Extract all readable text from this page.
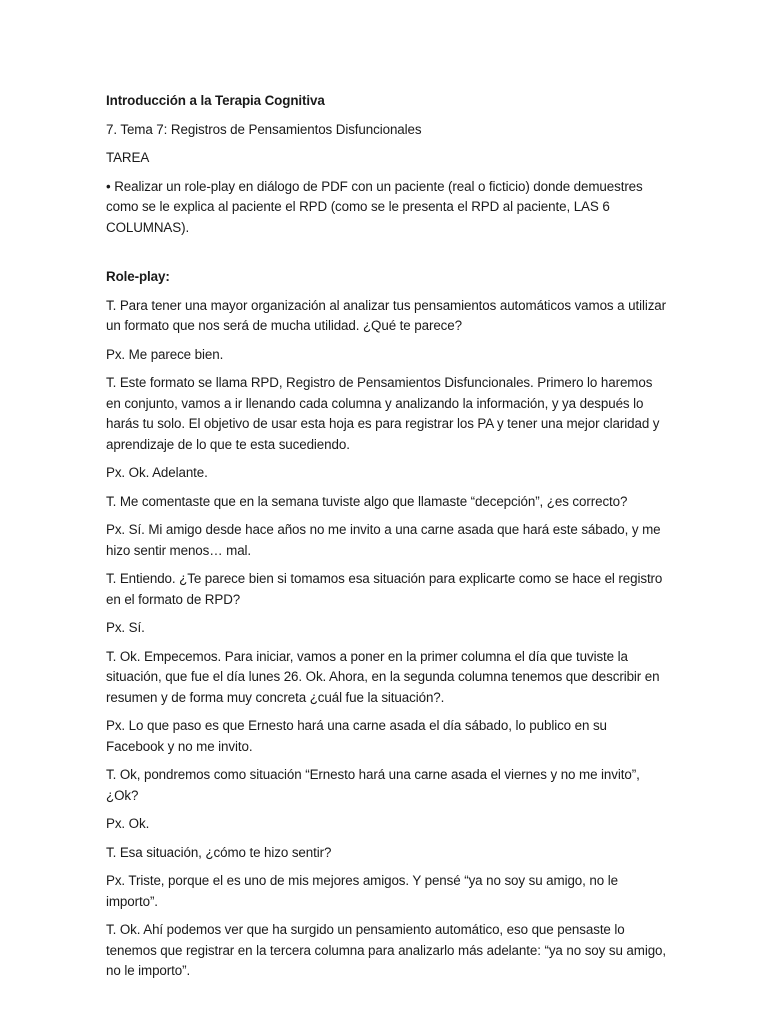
Introducción a la Terapia Cognitiva
7. Tema 7: Registros de Pensamientos Disfuncionales
TAREA
• Realizar un role-play en diálogo de PDF con un paciente (real o ficticio) donde demuestres como se le explica al paciente el RPD (como se le presenta el RPD al paciente, LAS 6 COLUMNAS).
Role-play:
T. Para tener una mayor organización al analizar tus pensamientos automáticos vamos a utilizar un formato que nos será de mucha utilidad. ¿Qué te parece?
Px. Me parece bien.
T. Este formato se llama RPD, Registro de Pensamientos Disfuncionales. Primero lo haremos en conjunto, vamos a ir llenando cada columna y analizando la información, y ya después lo harás tu solo. El objetivo de usar esta hoja es para registrar los PA y tener una mejor claridad y aprendizaje de lo que te esta sucediendo.
Px. Ok. Adelante.
T. Me comentaste que en la semana tuviste algo que llamaste “decepción”, ¿es correcto?
Px. Sí. Mi amigo desde hace años no me invito a una carne asada que hará este sábado, y me hizo sentir menos… mal.
T. Entiendo. ¿Te parece bien si tomamos esa situación para explicarte como se hace el registro en el formato de RPD?
Px. Sí.
T. Ok. Empecemos. Para iniciar, vamos a poner en la primer columna el día que tuviste la situación, que fue el día lunes 26. Ok. Ahora, en la segunda columna tenemos que describir en resumen y de forma muy concreta ¿cuál fue la situación?.
Px. Lo que paso es que Ernesto hará una carne asada el día sábado, lo publico en su Facebook y no me invito.
T. Ok, pondremos como situación “Ernesto hará una carne asada el viernes y no me invito”, ¿Ok?
Px. Ok.
T. Esa situación, ¿cómo te hizo sentir?
Px. Triste, porque el es uno de mis mejores amigos. Y pensé “ya no soy su amigo, no le importo”.
T. Ok. Ahí podemos ver que ha surgido un pensamiento automático, eso que pensaste lo tenemos que registrar en la tercera columna para analizarlo más adelante: “ya no soy su amigo, no le importo”.
